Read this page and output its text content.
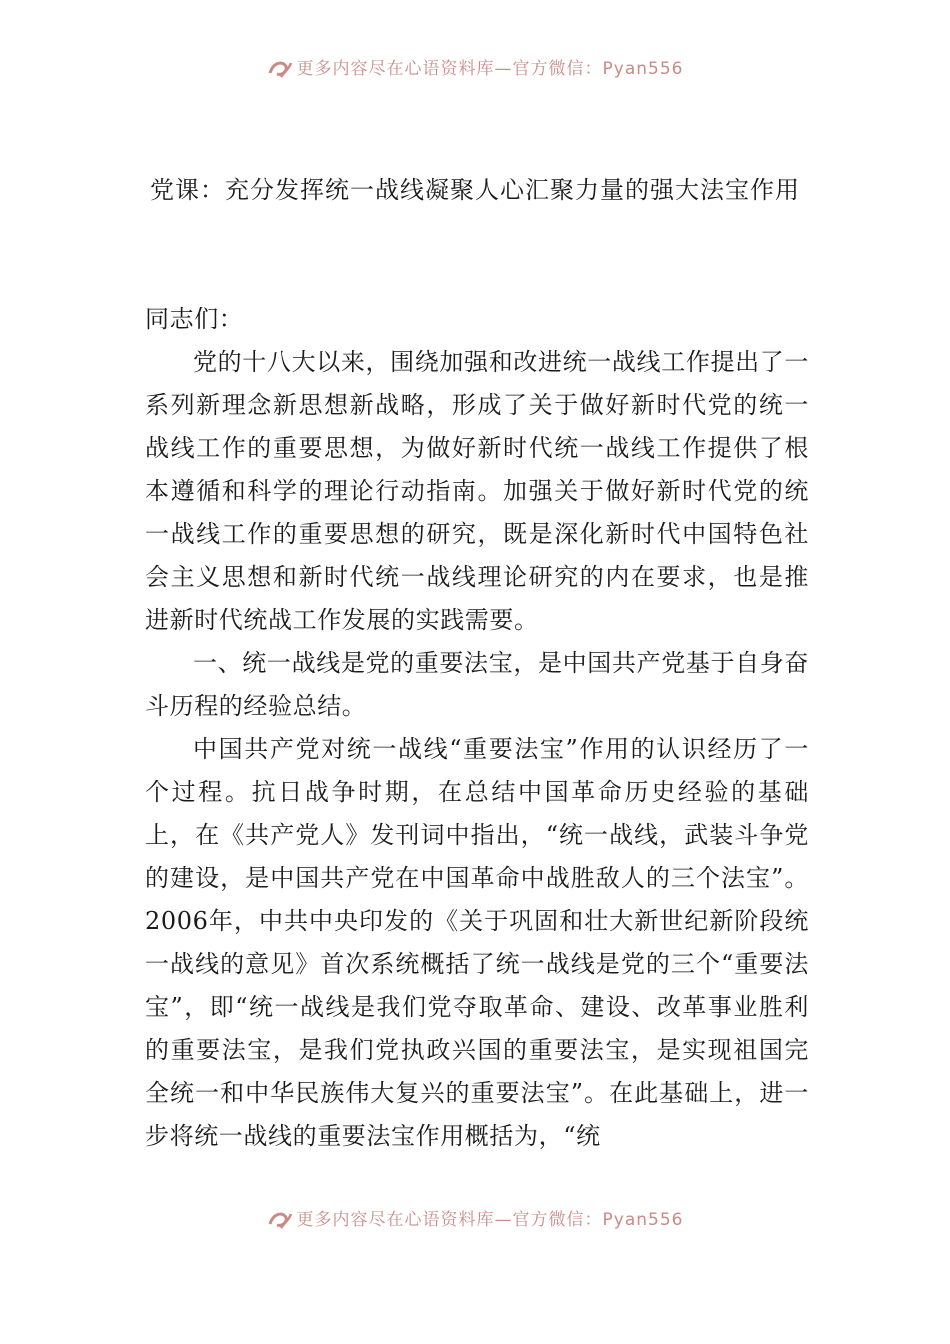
更多内容尽在心语资料库—官方微信：Pyan556
党课：充分发挥统一战线凝聚人心汇聚力量的强大法宝作用

同志们：

党的十八大以来，围绕加强和改进统一战线工作提出了一系列新理念新思想新战略，形成了关于做好新时代党的统一战线工作的重要思想，为做好新时代统一战线工作提供了根本遵循和科学的理论行动指南。加强关于做好新时代党的统一战线工作的重要思想的研究，既是深化新时代中国特色社会主义思想和新时代统一战线理论研究的内在要求，也是推进新时代统战工作发展的实践需要。

一、统一战线是党的重要法宝，是中国共产党基于自身奋斗历程的经验总结。

中国共产党对统一战线“重要法宝”作用的认识经历了一个过程。抗日战争时期，在总结中国革命历史经验的基础上，在《共产党人》发刊词中指出，“统一战线，武装斗争党的建设，是中国共产党在中国革命中战胜敌人的三个法宝”。2006年，中共中央印发的《关于巩固和壮大新世纪新阶段统一战线的意见》首次系统概括了统一战线是党的三个“重要法宝”，即“统一战线是我们党夺取革命、建设、改革事业胜利的重要法宝，是我们党执政兴国的重要法宝，是实现祖国完全统一和中华民族伟大复兴的重要法宝”。在此基础上，进一步将统一战线的重要法宝作用概括为，“统

更多内容尽在心语资料库—官方微信：Pyan556
